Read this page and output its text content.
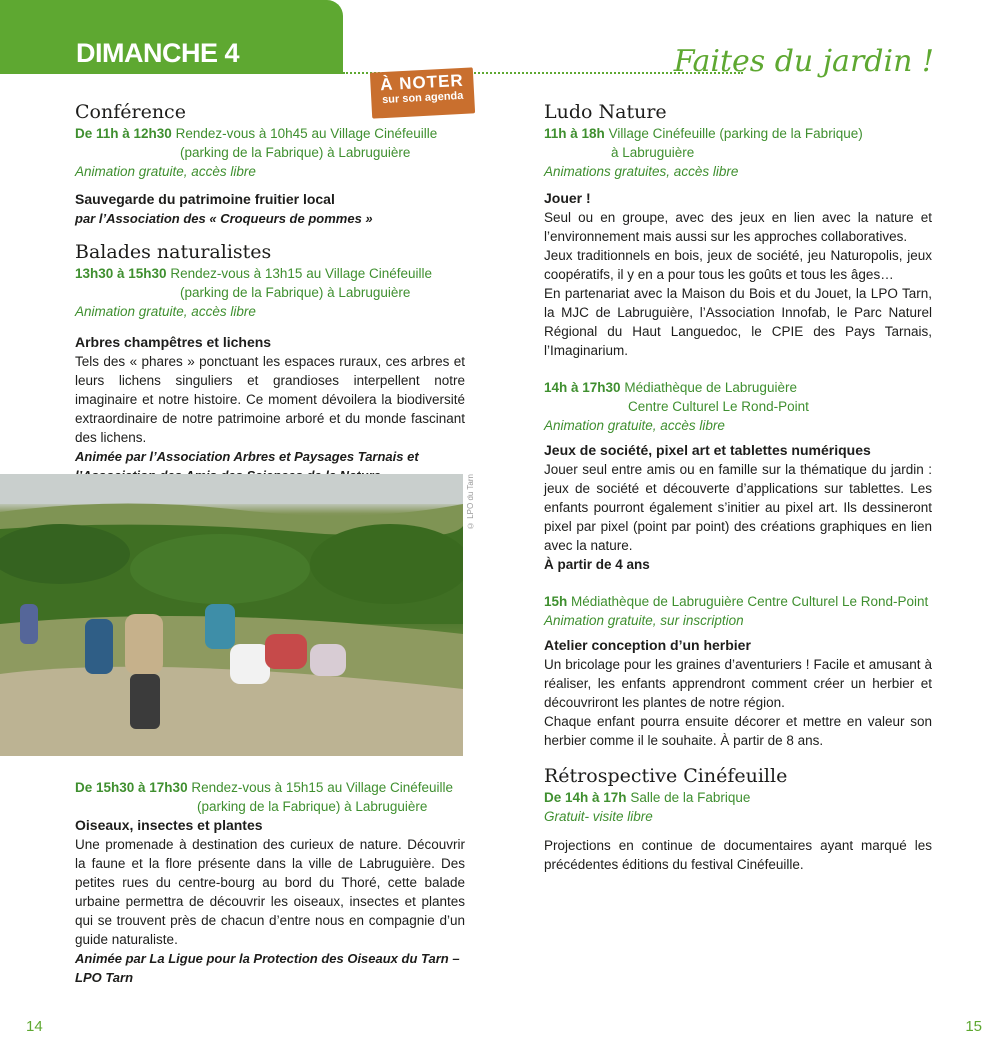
DIMANCHE 4 OCTOBRE
Faites du jardin !
À NOTER
sur son agenda

Conférence

De 11h à 12h30 Rendez-vous à 10h45 au Village Cinéfeuille

(parking de la Fabrique) à Labruguière

Animation gratuite, accès libre

Sauvegarde du patrimoine fruitier local

par l’Association des « Croqueurs de pommes »

Balades naturalistes

13h30 à 15h30 Rendez-vous à 13h15 au Village Cinéfeuille

(parking de la Fabrique) à Labruguière

Animation gratuite, accès libre

Arbres champêtres et lichens

Tels des « phares » ponctuant les espaces ruraux, ces arbres et leurs lichens singuliers et grandioses interpellent notre imaginaire et notre histoire. Ce moment dévoilera la biodiversité extraordinaire de notre patrimoine arboré et du monde fascinant des lichens.

Animée par l’Association Arbres et Paysages Tarnais et

© LPO du Tarn

De 15h30 à 17h30 Rendez-vous à 15h15 au Village Cinéfeuille

(parking de la Fabrique) à Labruguière

Oiseaux, insectes et plantes

Une promenade à destination des curieux de nature. Découvrir la faune et la flore présente dans la ville de Labruguière. Des petites rues du centre-bourg au bord du Thoré, cette balade urbaine permettra de découvrir les oiseaux, insectes et plantes qui se trouvent près de chacun d’entre nous en compagnie d’un guide naturaliste.

Animée par La Ligue pour la Protection des Oiseaux du Tarn – LPO Tarn

Ludo Nature

11h à 18h Village Cinéfeuille (parking de la Fabrique)

à Labruguière

Animations gratuites, accès libre

Jouer !

Seul ou en groupe, avec des jeux en lien avec la nature et l’environnement mais aussi sur les approches collaboratives.

Jeux traditionnels en bois, jeux de société, jeu Naturopolis, jeux coopératifs, il y en a pour tous les goûts et tous les âges…

En partenariat avec la Maison du Bois et du Jouet, la LPO Tarn, la MJC de Labruguière, l’Association Innofab, le Parc Naturel Régional du Haut Languedoc, le CPIE des Pays Tarnais, l’Imaginarium.

14h à 17h30 Médiathèque de Labruguière

Centre Culturel Le Rond-Point

Animation gratuite, accès libre

Jeux de société, pixel art et tablettes numériques

Jouer seul entre amis ou en famille sur la thématique du jardin : jeux de société et découverte d’applications sur tablettes. Les enfants pourront également s’initier au pixel art. Ils dessineront pixel par pixel (point par point) des créations graphiques en lien avec la nature.

À partir de 4 ans

15h Médiathèque de Labruguière Centre Culturel Le Rond-Point

Animation gratuite, sur inscription

Atelier conception d’un herbier

Un bricolage pour les graines d’aventuriers ! Facile et amusant à réaliser, les enfants apprendront comment créer un herbier et découvriront les plantes de notre région.

Chaque enfant pourra ensuite décorer et mettre en valeur son herbier comme il le souhaite. À partir de 8 ans.

Rétrospective Cinéfeuille

De 14h à 17h Salle de la Fabrique

Gratuit- visite libre

Projections en continue de documentaires ayant marqué les précédentes éditions du festival Cinéfeuille.

14	15
